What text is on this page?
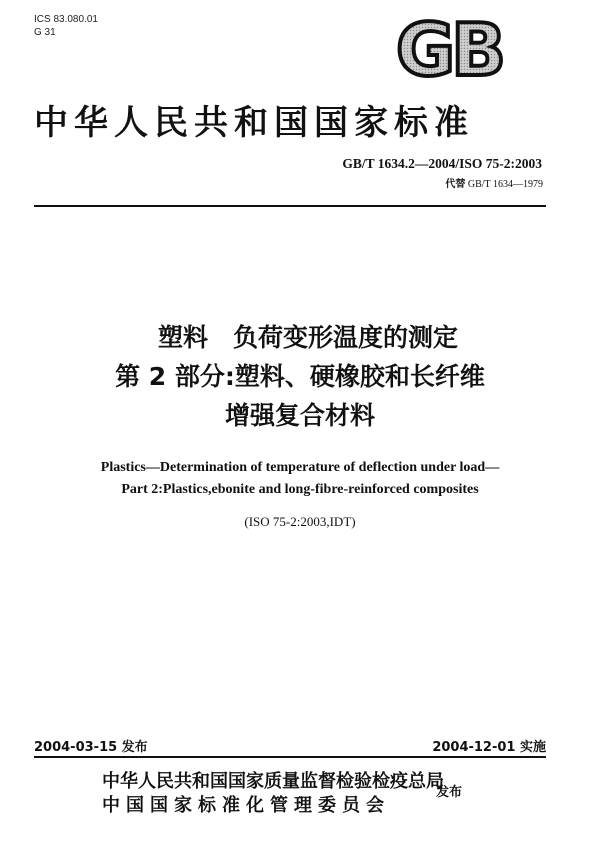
ICS 83.080.01
G 31	GB
中华人民共和国国家标准
GB/T 1634.2—2004/ISO 75-2:2003
代替 GB/T 1634—1979
塑料　负荷变形温度的测定
第 2 部分:塑料、硬橡胶和长纤维
增强复合材料
Plastics—Determination of temperature of deflection under load—
Part 2:Plastics,ebonite and long-fibre-reinforced composites
(ISO 75-2:2003,IDT)
2004-03-15 发布	2004-12-01 实施
中华人民共和国国家质量监督检验检疫总局
中国国家标准化管理委员会
发布
